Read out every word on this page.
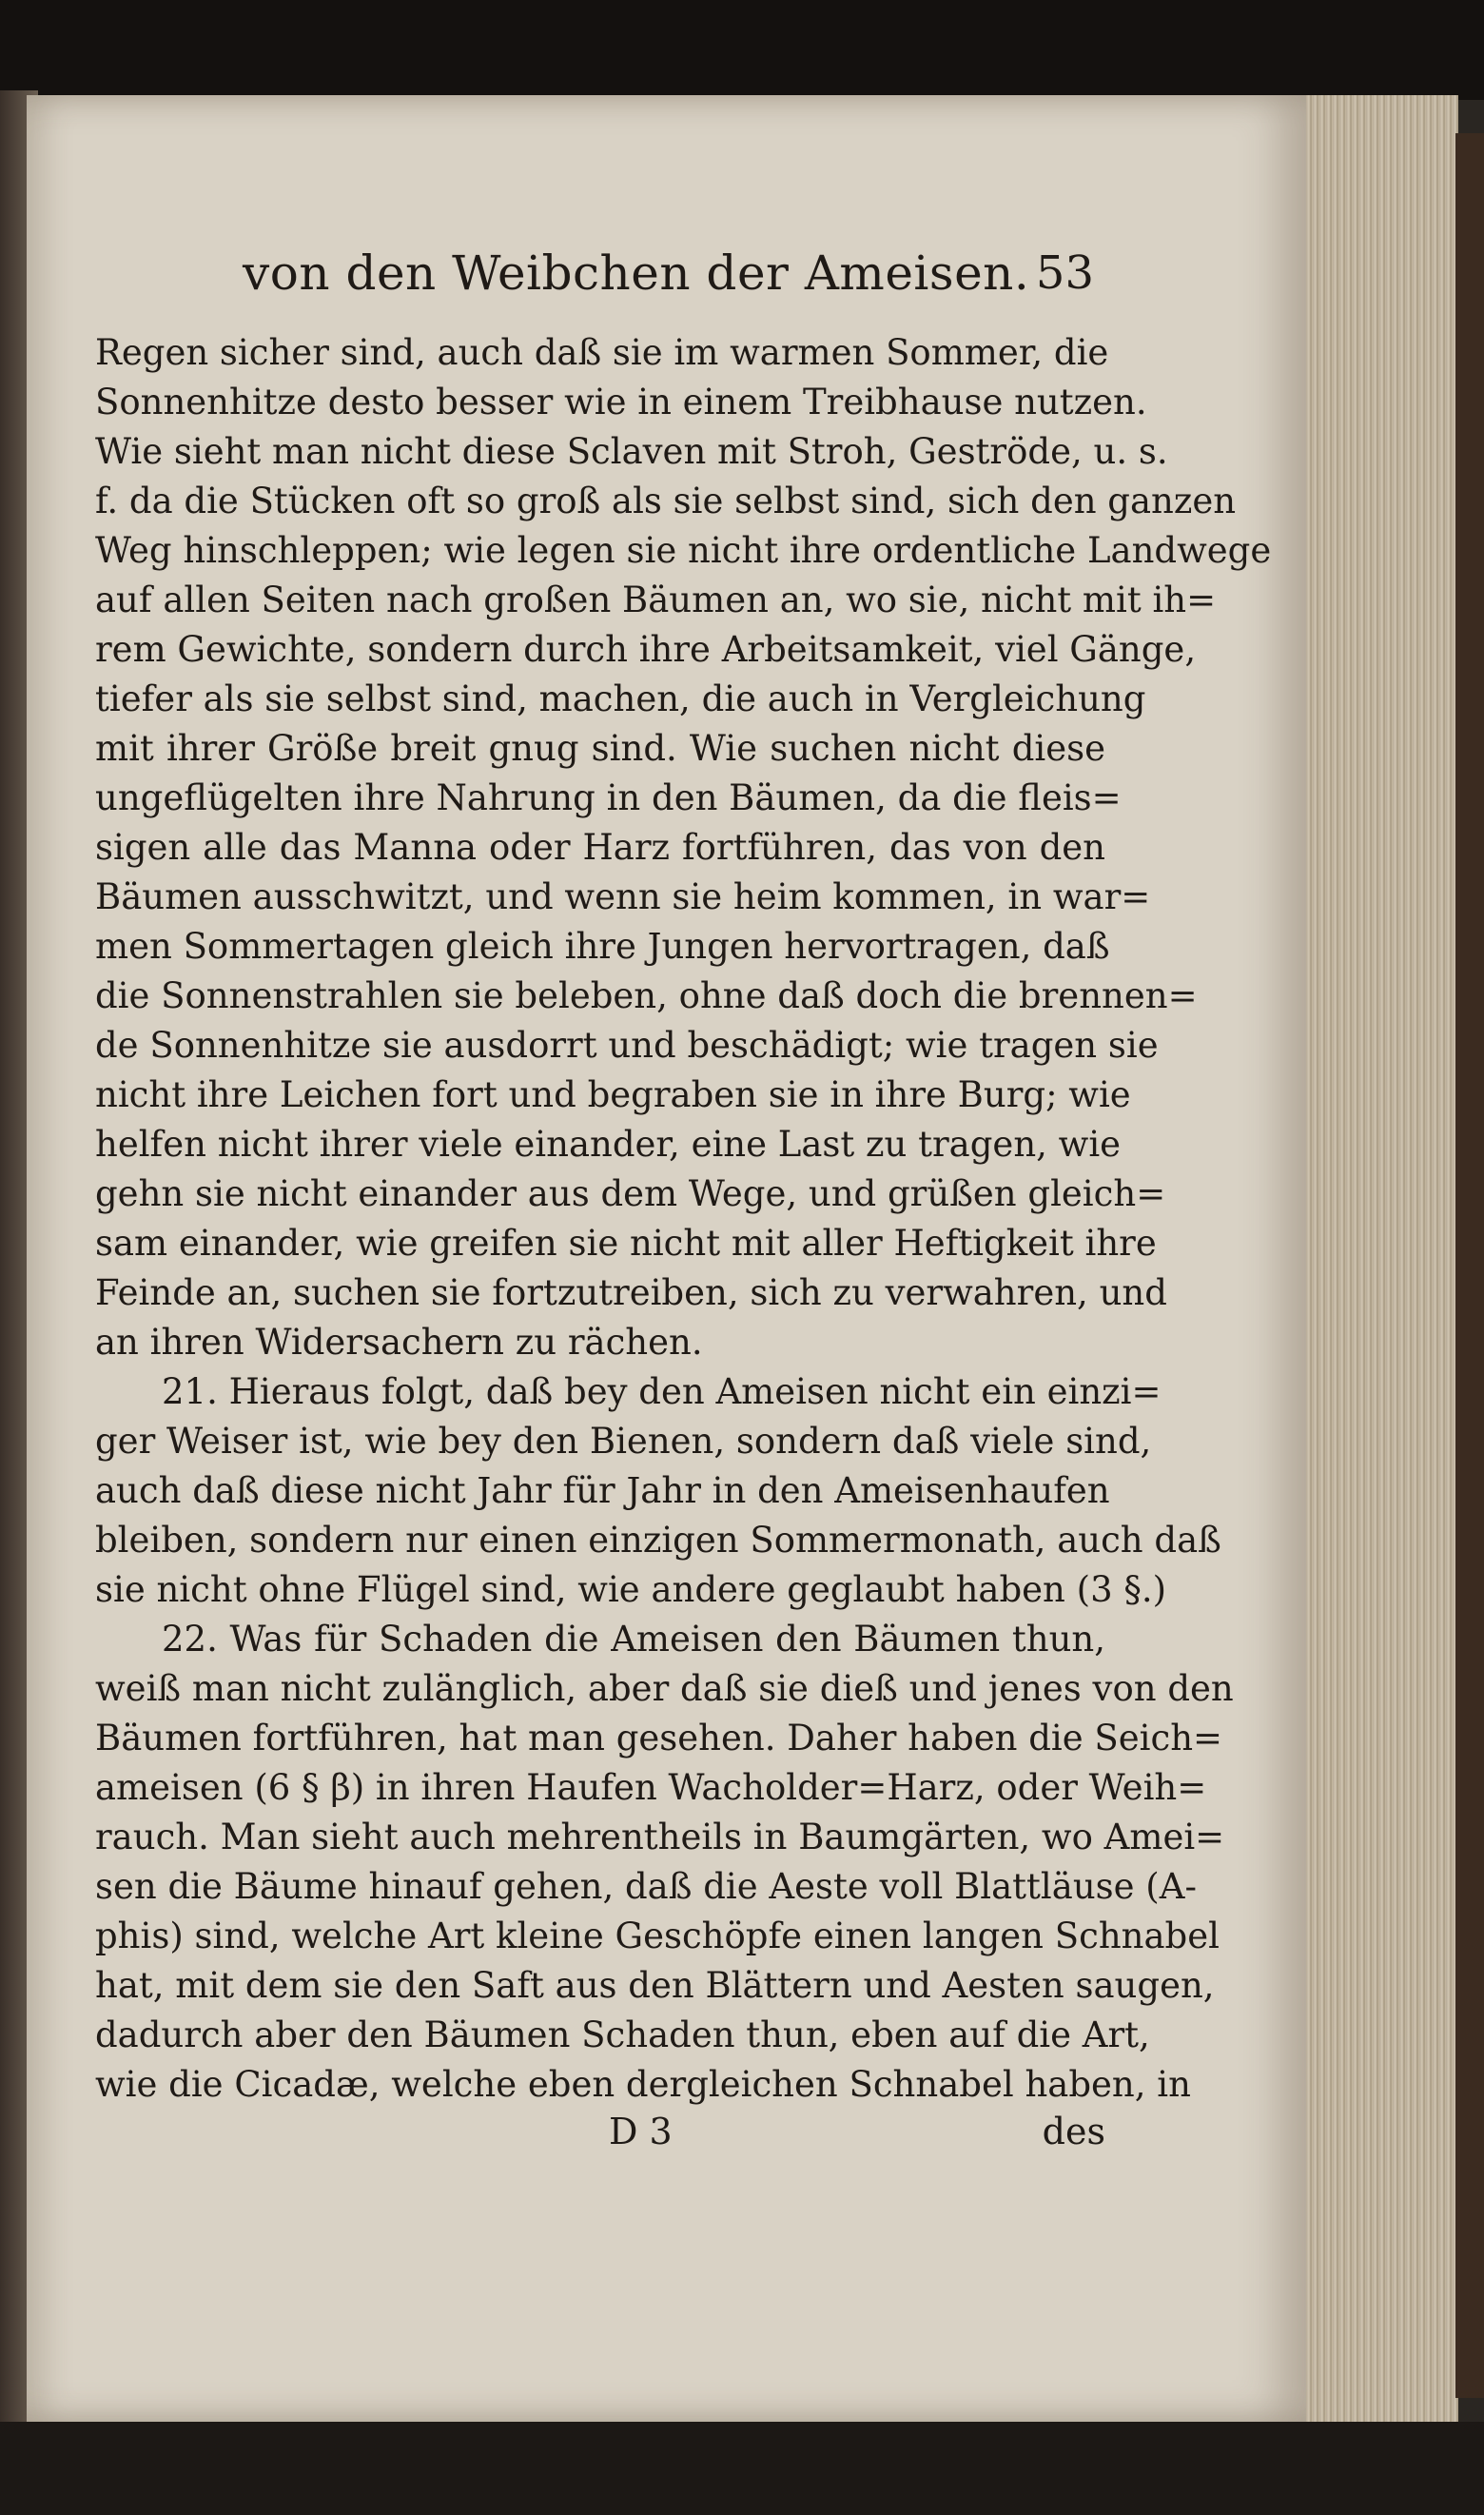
von den Weibchen der Ameisen. 53
Regen sicher sind, auch daß sie im warmen Sommer, die
Sonnenhitze desto besser wie in einem Treibhause nutzen.
Wie sieht man nicht diese Sclaven mit Stroh, Geströde, u. s.
f. da die Stücken oft so groß als sie selbst sind, sich den ganzen
Weg hinschleppen; wie legen sie nicht ihre ordentliche Landwege
auf allen Seiten nach großen Bäumen an, wo sie, nicht mit ih=
rem Gewichte, sondern durch ihre Arbeitsamkeit, viel Gänge,
tiefer als sie selbst sind, machen, die auch in Vergleichung
mit ihrer Größe breit gnug sind. Wie suchen nicht diese
ungeflügelten ihre Nahrung in den Bäumen, da die fleis=
sigen alle das Manna oder Harz fortführen, das von den
Bäumen ausschwitzt, und wenn sie heim kommen, in war=
men Sommertagen gleich ihre Jungen hervortragen, daß
die Sonnenstrahlen sie beleben, ohne daß doch die brennen=
de Sonnenhitze sie ausdorrt und beschädigt; wie tragen sie
nicht ihre Leichen fort und begraben sie in ihre Burg; wie
helfen nicht ihrer viele einander, eine Last zu tragen, wie
gehn sie nicht einander aus dem Wege, und grüßen gleich=
sam einander, wie greifen sie nicht mit aller Heftigkeit ihre
Feinde an, suchen sie fortzutreiben, sich zu verwahren, und
an ihren Widersachern zu rächen.
21. Hieraus folgt, daß bey den Ameisen nicht ein einzi=
ger Weiser ist, wie bey den Bienen, sondern daß viele sind,
auch daß diese nicht Jahr für Jahr in den Ameisenhaufen
bleiben, sondern nur einen einzigen Sommermonath, auch daß
sie nicht ohne Flügel sind, wie andere geglaubt haben (3 §.)
22. Was für Schaden die Ameisen den Bäumen thun,
weiß man nicht zulänglich, aber daß sie dieß und jenes von den
Bäumen fortführen, hat man gesehen. Daher haben die Seich=
ameisen (6 § β) in ihren Haufen Wacholder=Harz, oder Weih=
rauch. Man sieht auch mehrentheils in Baumgärten, wo Amei=
sen die Bäume hinauf gehen, daß die Aeste voll Blattläuse (A-
phis) sind, welche Art kleine Geschöpfe einen langen Schnabel
hat, mit dem sie den Saft aus den Blättern und Aesten saugen,
dadurch aber den Bäumen Schaden thun, eben auf die Art,
wie die Cicadæ, welche eben dergleichen Schnabel haben, in
D 3	des
